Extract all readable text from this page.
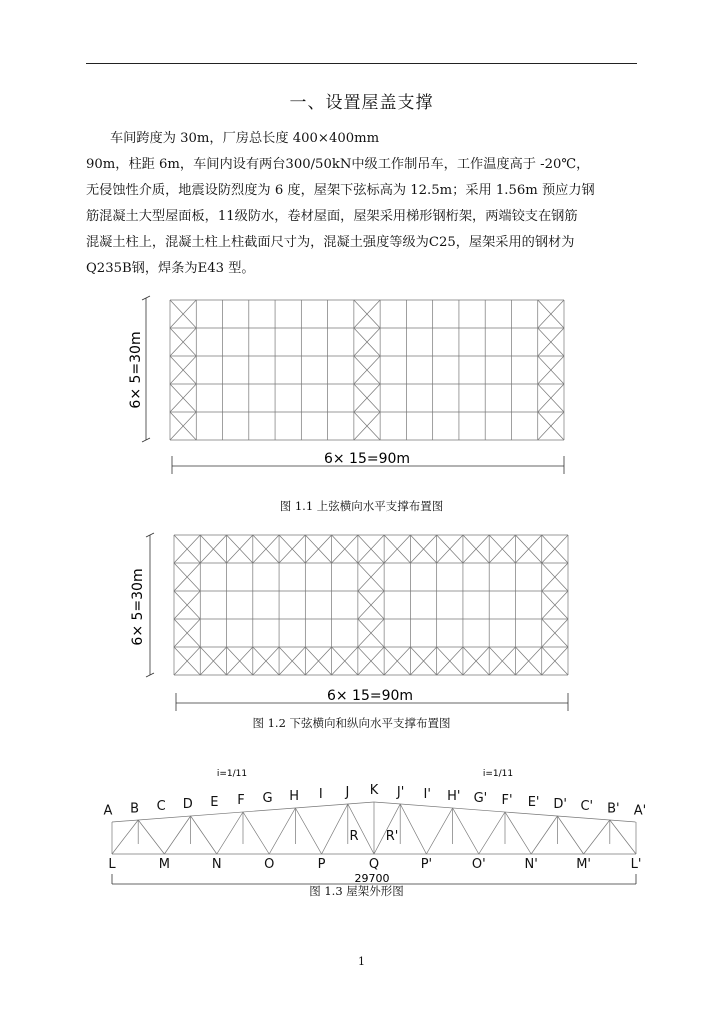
一、设置屋盖支撑

车间跨度为 30m，厂房总长度 400×400mm

90m，柱距 6m，车间内设有两台300/50kN中级工作制吊车，工作温度高于 -20℃，

无侵蚀性介质，地震设防烈度为 6 度，屋架下弦标高为 12.5m；采用 1.56m 预应力钢

筋混凝土大型屋面板，11级防水，卷材屋面，屋架采用梯形钢桁架，两端铰支在钢筋

混凝土柱上，混凝土柱上柱截面尺寸为，混凝土强度等级为C25，屋架采用的钢材为

Q235B钢，焊条为E43 型。

6× 5=30m
6× 15=90m
图 1.1 上弦横向水平支撑布置图
6× 5=30m
6× 15=90m
图 1.2 下弦横向和纵向水平支撑布置图
A B C D E F G H I J K J' I' H' G' F' E' D' C' B' A'
L	M	N	O	P	Q	P'	O'	N'	M'	L'
R R'
i=1/11	i=1/11
29700
图 1.3 屋架外形图
1
